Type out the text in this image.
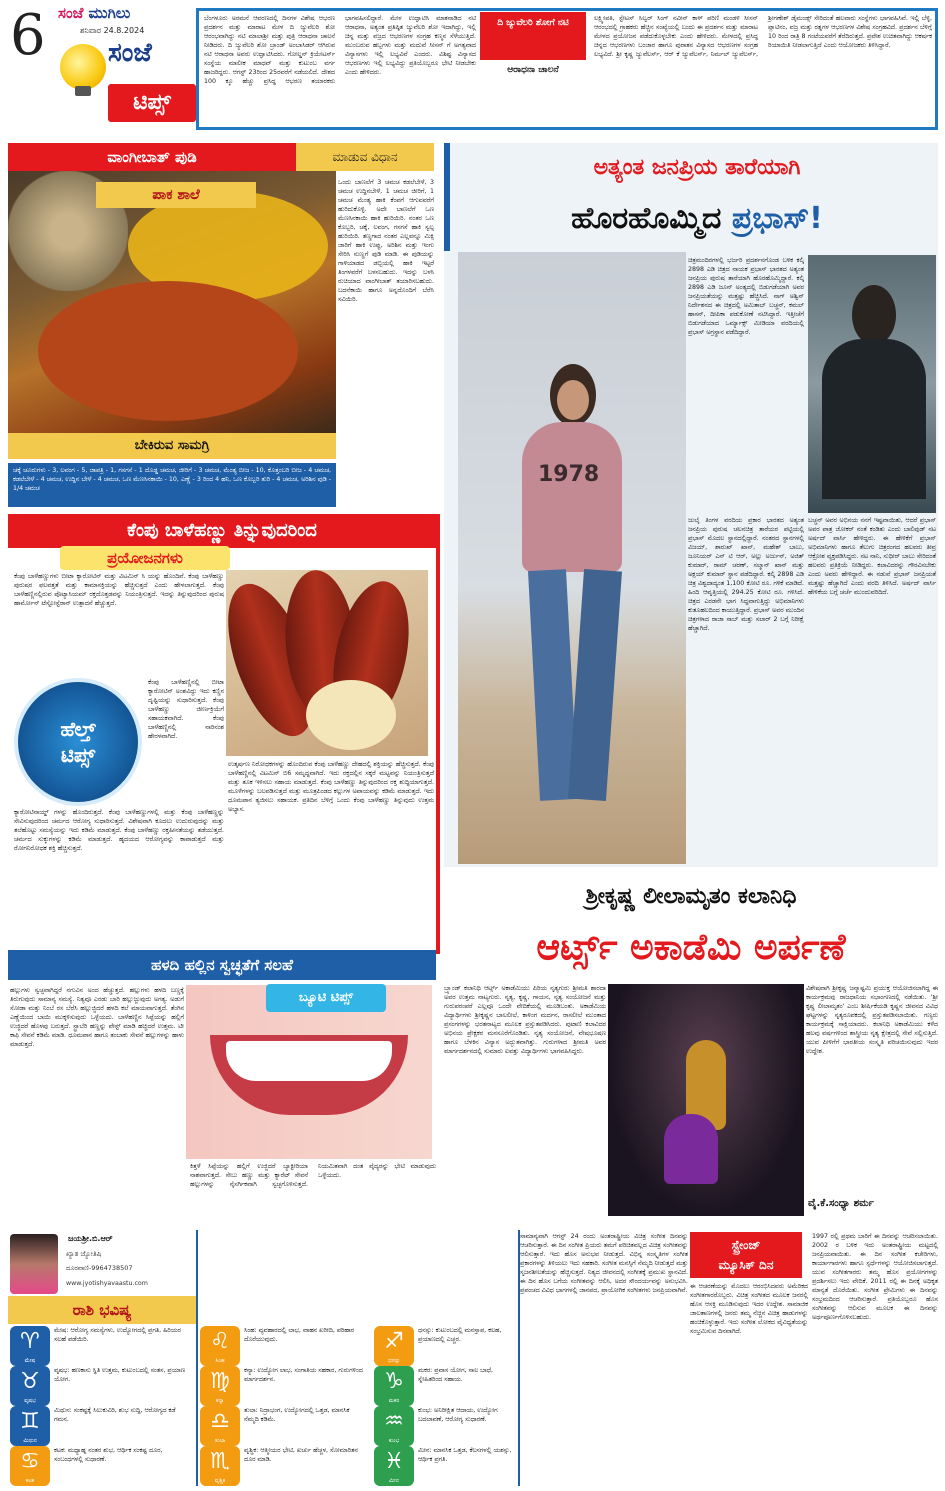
6 ಸಂಜೆ ಮುಗಿಲು
ಶನಿವಾರ 24.8.2024
ಸಂಜೆ
ಟಿಪ್ಸ್
ಬೆಂಗಳೂರು ಅರಮನೆ ಆವರಣದಲ್ಲಿ ದಿನಗಳ ವಿಶೇಷ ಆಭರಣ ಪ್ರದರ್ಶನ ಮತ್ತು ಮಾರಾಟ ಮೇಳ ದಿ ಜ್ಯುವೆಲರಿ ಶೋ ಆರಂಭವಾಗಿದ್ದು ನಟಿ ಮಾಲಾಶ್ರೀ ಮತ್ತು ಪುತ್ರಿ ಆರಾಧನಾ ಚಾಲನೆ ನೀಡಿದರು. ದಿ ಜ್ಯುವೆಲರಿ ಶೋ ಬ್ರಾಂಡ್ ಅಂಬಾಸಿಡರ್ ಆಗಿರುವ ನಟಿ ಆರಾಧನಾ ಅವರು ಉದ್ಘಾಟಿಸಿದರು. ಗೋಲ್ಡನ್ ಕ್ರಿಯೇಟರ್ಸ್ ಸಂಸ್ಥೆಯ ಮಾಲೀಕ ಮಾಧವ್ ಮತ್ತು ಕುಟುಂಬ ವರ್ಗ ಹಾಜರಿದ್ದರು. ಆಗಸ್ಟ್ 23ರಿಂದ 25ರವರೆಗೆ ನಡೆಯಲಿದೆ. ದೇಶದ 100 ಕ್ಕೂ ಹೆಚ್ಚು ಪ್ರಸಿದ್ಧ ಆಭರಣ ತಯಾರಕರು ಭಾಗವಹಿಸಲಿದ್ದಾರೆ. ಮೇಳ ಉದ್ಘಾಟಿಸಿ ಮಾತನಾಡಿದ ನಟಿ ಆರಾಧನಾ, ಅತ್ಯಂತ ಪ್ರತಿಷ್ಠಿತ ಜ್ಯುವೆಲರಿ ಶೋ ಇದಾಗಿದ್ದು, ಇಲ್ಲಿ ಚಿನ್ನ ಮತ್ತು ವಜ್ರದ ಆಭರಣಗಳ ಸಂಗ್ರಹ ಕಣ್ಮನ ಸೆಳೆಯುತ್ತಿದೆ. ಮುಂಬರುವ ಹಬ್ಬಗಳು ಮತ್ತು ಮದುವೆ ಸೀಸನ್ ಗೆ ಅಗತ್ಯವಾದ ವಿನ್ಯಾಸಗಳು ಇಲ್ಲಿ ಲಭ್ಯವಿವೆ ಎಂದರು. ವಿಶಿಷ್ಟ ವಿನ್ಯಾಸದ ಆಭರಣಗಳು ಇಲ್ಲಿ ಲಭ್ಯವಿದ್ದು ಪ್ರತಿಯೊಬ್ಬರೂ ಭೇಟಿ ನೀಡಬೇಕು ಎಂದು ಹೇಳಿದರು.
ದಿ ಜ್ಯುವೆಲರಿ ಶೋಗೆ ನಟಿ
ಆರಾಧನಾ ಚಾಲನೆ
ಲಕ್ಷ್ಮೀಪತಿ, ಸ್ಟೇಟಸ್ ಸಿಲ್ವರ್ ಸಿಂಗ್ ನವೀನ್ ಕಾಳ್ ಪರಿಣಿ ಮಂಡಳಿ ಸೀಸನ್ ಆರಂಭದಲ್ಲಿ ಗ್ರಾಹಕರು ಹೆಚ್ಚಿನ ಸಂಖ್ಯೆಯಲ್ಲಿ ಬಂದು ಈ ಪ್ರದರ್ಶನ ಮತ್ತು ಮಾರಾಟ ಮೇಳದ ಪ್ರಯೋಜನ ಪಡೆದುಕೊಳ್ಳಬೇಕು ಎಂದು ಹೇಳಿದರು. ಮೇಳದಲ್ಲಿ ಪ್ರಸಿದ್ಧ ಚಿನ್ನದ ಆಭರಣಗಳು ಬಂಜಾರ ಹಾಗೂ ಪುರಾತನ ವಿನ್ಯಾಸದ ಆಭರಣಗಳ ಸಂಗ್ರಹ ಲಭ್ಯವಿದೆ. ಶ್ರೀ ಕೃಷ್ಣ ಜ್ಯುವೆಲರ್ಸ್, ಆರ್ ಕೆ ಜ್ಯುವೆಲರ್ಸ್, ನಿರ್ಮಲ್ ಜ್ಯುವೆಲರ್ಸ್, ಶ್ರೀಗಣೇಶ್ ಡೈಮಂಡ್ಸ್ ಸೇರಿದಂತೆ ಹಲವಾರು ಸಂಸ್ಥೆಗಳು ಭಾಗವಹಿಸಿವೆ. ಇಲ್ಲಿ ಬೆಳ್ಳಿ, ಪ್ಲಾಟಿನಂ, ವಜ್ರ ಮತ್ತು ರತ್ನಗಳ ಆಭರಣಗಳ ವಿಶೇಷ ಸಂಗ್ರಹವಿದೆ. ಪ್ರದರ್ಶನ ಬೆಳಿಗ್ಗೆ 10 ರಿಂದ ರಾತ್ರಿ 8 ಗಂಟೆಯವರೆಗೆ ತೆರೆದಿರುತ್ತದೆ. ಪ್ರವೇಶ ಉಚಿತವಾಗಿದ್ದು ಆಕರ್ಷಕ ರಿಯಾಯಿತಿ ನೀಡಲಾಗುತ್ತಿದೆ ಎಂದು ಆಯೋಜಕರು ತಿಳಿಸಿದ್ದಾರೆ.
ವಾಂಗೀಬಾತ್ ಪುಡಿ	ಮಾಡುವ ವಿಧಾನ
ಪಾಕ ಶಾಲೆ
ಒಂದು ಬಾಣಲೆಗೆ 3 ಚಮಚ ಕಡಲೆಬೇಳೆ, 3 ಚಮಚ ಉದ್ದಿನಬೇಳೆ, 1 ಚಮಚ ಜೀರಿಗೆ, 1 ಚಮಚ ಮೆಂತ್ಯ ಹಾಕಿ ಕೆಂಪಗೆ ಆಗುವವರೆಗೆ ಹುರಿದುಕೊಳ್ಳಿ. ಅದೇ ಬಾಣಲೆಗೆ ಒಣ ಮೆಣಸಿನಕಾಯಿ ಹಾಕಿ ಹುರಿಯಿರಿ. ನಂತರ ಒಣ ಕೊಬ್ಬರಿ, ಚಕ್ಕೆ, ಲವಂಗ, ಗಸಗಸೆ ಹಾಕಿ ಸ್ವಲ್ಪ ಹುರಿಯಿರಿ. ತಣ್ಣಗಾದ ನಂತರ ಎಲ್ಲವನ್ನೂ ಮಿಕ್ಸಿ ಜಾರಿಗೆ ಹಾಕಿ ಉಪ್ಪು, ಅರಿಶಿನ ಮತ್ತು ಇಂಗು ಸೇರಿಸಿ ನುಣ್ಣಗೆ ಪುಡಿ ಮಾಡಿ. ಈ ಪುಡಿಯನ್ನು ಗಾಳಿಯಾಡದ ಡಬ್ಬಿಯಲ್ಲಿ ಹಾಕಿ ಇಟ್ಟರೆ ತಿಂಗಳವರೆಗೆ ಬಳಸಬಹುದು. ಇದನ್ನು ಬಳಸಿ ರುಚಿಯಾದ ವಾಂಗೀಬಾತ್ ತಯಾರಿಸಬಹುದು. ಬದನೆಕಾಯಿ ಹಾಗೂ ಅನ್ನದೊಂದಿಗೆ ಬೆರೆಸಿ ಸವಿಯಿರಿ.
ಬೇಕಿರುವ ಸಾಮಗ್ರಿ
ಚಕ್ಕೆ ಚೂರುಗಳು - 3, ಲವಂಗ - 5, ಜಾಪತ್ರಿ - 1, ಗಸಗಸೆ - 1 ದೊಡ್ಡ ಚಮಚ, ಜೀರಿಗೆ - 3 ಚಮಚ, ಮೆಂತ್ಯ ಬೀಜ - 10, ಕೊತ್ತಂಬರಿ ಬೀಜ - 4 ಚಮಚ, ಕಡಲೆಬೇಳೆ - 4 ಚಮಚ, ಉದ್ದಿನ ಬೇಳೆ - 4 ಚಮಚ, ಒಣ ಮೆಣಸಿನಕಾಯಿ - 10, ಎಣ್ಣೆ - 3 ರಿಂದ 4 ಹನಿ, ಒಣ ಕೊಬ್ಬರಿ ತುರಿ - 4 ಚಮಚ, ಅರಿಶಿನ ಪುಡಿ - 1/4 ಚಮಚ
ಕೆಂಪು ಬಾಳೆಹಣ್ಣು ತಿನ್ನುವುದರಿಂದ
ಪ್ರಯೋಜನಗಳು
ಕೆಂಪು ಬಾಳೆಹಣ್ಣುಗಳು ಬೀಟಾ ಕ್ಯಾರೋಟಿನ್ ಮತ್ತು ವಿಟಮಿನ್ ಸಿ ಯನ್ನು ಹೊಂದಿವೆ. ಕೆಂಪು ಬಾಳೆಹಣ್ಣು ಪುರುಷರ ಫಲವತ್ತತೆ ಮತ್ತು ಕಾಮಾಸಕ್ತಿಯನ್ನು ಹೆಚ್ಚಿಸುತ್ತದೆ ಎಂದು ಹೇಳಲಾಗುತ್ತದೆ. ಕೆಂಪು ಬಾಳೆಹಣ್ಣಿನಲ್ಲಿರುವ ಪೊಟ್ಯಾಸಿಯಮ್ ರಕ್ತದೊತ್ತಡವನ್ನು ನಿಯಂತ್ರಿಸುತ್ತದೆ. ಇದನ್ನು ತಿನ್ನುವುದರಿಂದ ಪುರುಷ ಹಾರ್ಮೋನ್ ಟೆಸ್ಟೋಸ್ಟೆರಾನ್ ಉತ್ಪಾದನೆ ಹೆಚ್ಚುತ್ತದೆ.
ಹೆಲ್ತ್
ಟಿಪ್ಸ್
ಕೆಂಪು ಬಾಳೆಹಣ್ಣಿನಲ್ಲಿ ಬೀಟಾ ಕ್ಯಾರೋಟಿನ್ ಅಂಶವಿದ್ದು ಇದು ಕಣ್ಣಿನ ದೃಷ್ಟಿಯನ್ನು ಸುಧಾರಿಸುತ್ತದೆ. ಕೆಂಪು ಬಾಳೆಹಣ್ಣು ಜೀರ್ಣಕ್ರಿಯೆಗೆ ಸಹಾಯಕವಾಗಿದೆ. ಕೆಂಪು ಬಾಳೆಹಣ್ಣಿನಲ್ಲಿ ನಾರಿನಂಶ ಹೇರಳವಾಗಿದೆ.
ಕ್ಯಾರೋಟಿನಾಯ್ಡ್ ಗಳನ್ನು ಹೊಂದಿರುತ್ತದೆ. ಕೆಂಪು ಬಾಳೆಹಣ್ಣುಗಳಲ್ಲಿ ಮತ್ತು ಕೆಂಪು ಬಾಳೆಹಣ್ಣನ್ನು ಸೇವಿಸುವುದರಿಂದ ಚರ್ಮದ ಆರೋಗ್ಯ ಸುಧಾರಿಸುತ್ತದೆ. ವಿಶೇಷವಾಗಿ ಕೂದಲು ಉದುರುವುದನ್ನು ಮತ್ತು ತಲೆಹೊಟ್ಟು ಸಮಸ್ಯೆಯನ್ನು ಇದು ಕಡಿಮೆ ಮಾಡುತ್ತದೆ. ಕೆಂಪು ಬಾಳೆಹಣ್ಣು ರಕ್ತಹೀನತೆಯನ್ನು ತಡೆಯುತ್ತದೆ. ಚರ್ಮದ ಸುಕ್ಕುಗಳನ್ನು ಕಡಿಮೆ ಮಾಡುತ್ತದೆ. ಹೃದಯದ ಆರೋಗ್ಯವನ್ನು ಕಾಪಾಡುತ್ತದೆ ಮತ್ತು ರೋಗನಿರೋಧಕ ಶಕ್ತಿ ಹೆಚ್ಚಿಸುತ್ತದೆ.
ಉತ್ಕರ್ಷಣ ನಿರೋಧಕಗಳನ್ನು ಹೊಂದಿರುವ ಕೆಂಪು ಬಾಳೆಹಣ್ಣು ದೇಹದಲ್ಲಿ ಶಕ್ತಿಯನ್ನು ಹೆಚ್ಚಿಸುತ್ತದೆ. ಕೆಂಪು ಬಾಳೆಹಣ್ಣಿನಲ್ಲಿ ವಿಟಮಿನ್ ಬಿ6 ಸಮೃದ್ಧವಾಗಿದೆ. ಇದು ರಕ್ತದಲ್ಲಿನ ಸಕ್ಕರೆ ಮಟ್ಟವನ್ನು ನಿಯಂತ್ರಿಸುತ್ತದೆ ಮತ್ತು ತೂಕ ಇಳಿಸಲು ಸಹಾಯ ಮಾಡುತ್ತದೆ. ಕೆಂಪು ಬಾಳೆಹಣ್ಣು ತಿನ್ನುವುದರಿಂದ ರಕ್ತ ಶುದ್ಧಿಯಾಗುತ್ತದೆ. ಮೂಳೆಗಳನ್ನು ಬಲಪಡಿಸುತ್ತದೆ ಮತ್ತು ಮೂತ್ರಪಿಂಡದ ಕಲ್ಲುಗಳ ಅಪಾಯವನ್ನು ಕಡಿಮೆ ಮಾಡುತ್ತದೆ. ಇದು ಧೂಮಪಾನ ತ್ಯಜಿಸಲು ಸಹಾಯಕ. ಪ್ರತಿದಿನ ಬೆಳಿಗ್ಗೆ ಒಂದು ಕೆಂಪು ಬಾಳೆಹಣ್ಣು ತಿನ್ನುವುದು ಉತ್ತಮ ಅಭ್ಯಾಸ.
ಹಳದಿ ಹಲ್ಲಿನ ಸ್ವಚ್ಛತೆಗೆ ಸಲಹೆ
ಹಲ್ಲುಗಳು ಸ್ವಚ್ಛವಾಗಿದ್ದರೆ ನಗುವಿನ ಅಂದ ಹೆಚ್ಚುತ್ತದೆ. ಹಲ್ಲುಗಳು ಹಳದಿ ಬಣ್ಣಕ್ಕೆ ತಿರುಗುವುದು ಸಾಮಾನ್ಯ ಸಮಸ್ಯೆ. ನಿತ್ಯವೂ ಎರಡು ಬಾರಿ ಹಲ್ಲುಜ್ಜುವುದು ಅಗತ್ಯ. ಅಡುಗೆ ಸೋಡಾ ಮತ್ತು ನಿಂಬೆ ರಸ ಬೆರೆಸಿ ಹಲ್ಲುಜ್ಜಿದರೆ ಹಳದಿ ಕಲೆ ಮಾಯವಾಗುತ್ತದೆ. ತೆಂಗಿನ ಎಣ್ಣೆಯಿಂದ ಬಾಯಿ ಮುಕ್ಕಳಿಸುವುದು ಒಳ್ಳೆಯದು. ಬಾಳೆಹಣ್ಣಿನ ಸಿಪ್ಪೆಯನ್ನು ಹಲ್ಲಿಗೆ ಉಜ್ಜಿದರೆ ಹೊಳಪು ಬರುತ್ತದೆ. ಸ್ಟ್ರಾಬೆರಿ ಹಣ್ಣನ್ನು ಪೇಸ್ಟ್ ಮಾಡಿ ಹಚ್ಚಿದರೆ ಉತ್ತಮ. ಟೀ ಕಾಫಿ ಸೇವನೆ ಕಡಿಮೆ ಮಾಡಿ. ಧೂಮಪಾನ ಹಾಗೂ ತಂಬಾಕು ಸೇವನೆ ಹಲ್ಲುಗಳನ್ನು ಹಾಳು ಮಾಡುತ್ತದೆ.
ಬ್ಯೂಟಿ ಟಿಪ್ಸ್
ಕಿತ್ತಳೆ ಸಿಪ್ಪೆಯನ್ನು ಹಲ್ಲಿಗೆ ಉಜ್ಜಿದರೆ ಬ್ಯಾಕ್ಟೀರಿಯಾ ನಾಶವಾಗುತ್ತದೆ. ಸೇಬು ಹಣ್ಣು ಮತ್ತು ಕ್ಯಾರೆಟ್ ಸೇವನೆ ಹಲ್ಲುಗಳನ್ನು ನೈಸರ್ಗಿಕವಾಗಿ ಸ್ವಚ್ಛಗೊಳಿಸುತ್ತದೆ. ನಿಯಮಿತವಾಗಿ ದಂತ ವೈದ್ಯರನ್ನು ಭೇಟಿ ಮಾಡುವುದು ಒಳ್ಳೆಯದು.
ಅತ್ಯಂತ ಜನಪ್ರಿಯ ತಾರೆಯಾಗಿ
ಹೊರಹೊಮ್ಮಿದ ಪ್ರಭಾಸ್!
1978
ಚಿತ್ರಮಂದಿರಗಳಲ್ಲಿ ಭರ್ಜರಿ ಪ್ರದರ್ಶನಗೊಂಡ ಬಳಿಕ ಕಲ್ಕಿ 2898 ಎಡಿ ಚಿತ್ರದ ನಾಯಕ ಪ್ರಭಾಸ್ ಭಾರತದ ಅತ್ಯಂತ ಜನಪ್ರಿಯ ಪುರುಷ ತಾರೆಯಾಗಿ ಹೊರಹೊಮ್ಮಿದ್ದಾರೆ. ಕಲ್ಕಿ 2898 ಎಡಿ ಜೂನ್ ಅಂತ್ಯದಲ್ಲಿ ಬಿಡುಗಡೆಯಾಗಿ ಅವರ ಜನಪ್ರಿಯತೆಯನ್ನು ಮತ್ತಷ್ಟು ಹೆಚ್ಚಿಸಿದೆ. ನಾಗ್ ಅಶ್ವಿನ್ ನಿರ್ದೇಶನದ ಈ ಚಿತ್ರದಲ್ಲಿ ಅಮಿತಾಬ್ ಬಚ್ಚನ್, ಕಮಲ್ ಹಾಸನ್, ದೀಪಿಕಾ ಪಡುಕೋಣೆ ನಟಿಸಿದ್ದಾರೆ. ಇತ್ತೀಚೆಗೆ ಬಿಡುಗಡೆಯಾದ ಒರ್ಮ್ಯಾಕ್ಸ್ ಮೀಡಿಯಾ ವರದಿಯಲ್ಲಿ ಪ್ರಭಾಸ್ ಅಗ್ರಸ್ಥಾನ ಪಡೆದಿದ್ದಾರೆ.
ಜುಲೈ ತಿಂಗಳ ವರದಿಯ ಪ್ರಕಾರ ಭಾರತದ ಅತ್ಯಂತ ಜನಪ್ರಿಯ ಪುರುಷ ಚಲನಚಿತ್ರ ತಾರೆಯರ ಪಟ್ಟಿಯಲ್ಲಿ ಪ್ರಭಾಸ್ ಮೊದಲ ಸ್ಥಾನದಲ್ಲಿದ್ದಾರೆ. ನಂತರದ ಸ್ಥಾನಗಳಲ್ಲಿ ವಿಜಯ್, ಶಾರುಖ್ ಖಾನ್, ಮಹೇಶ್ ಬಾಬು, ಜೂನಿಯರ್ ಎನ್ ಟಿ ಆರ್, ಅಲ್ಲು ಅರ್ಜುನ್, ಅಜಿತ್ ಕುಮಾರ್, ರಾಮ್ ಚರಣ್, ಸಲ್ಮಾನ್ ಖಾನ್ ಮತ್ತು ಅಕ್ಷಯ್ ಕುಮಾರ್ ಸ್ಥಾನ ಪಡೆದಿದ್ದಾರೆ. ಕಲ್ಕಿ 2898 ಎಡಿ ಚಿತ್ರ ವಿಶ್ವದಾದ್ಯಂತ 1,100 ಕೋಟಿ ರೂ. ಗಳಿಕೆ ಮಾಡಿದೆ. ಹಿಂದಿ ಆವೃತ್ತಿಯಲ್ಲಿ 294.25 ಕೋಟಿ ರೂ. ಗಳಿಸಿದೆ. ಚಿತ್ರದ ಎರಡನೇ ಭಾಗ ಸಿದ್ಧವಾಗುತ್ತಿದ್ದು ಅಭಿಮಾನಿಗಳು ಕುತೂಹಲದಿಂದ ಕಾಯುತ್ತಿದ್ದಾರೆ. ಪ್ರಭಾಸ್ ಅವರ ಮುಂದಿನ ಚಿತ್ರಗಳಾದ ರಾಜಾ ಸಾಬ್ ಮತ್ತು ಸಲಾರ್ 2 ಬಗ್ಗೆ ನಿರೀಕ್ಷೆ ಹೆಚ್ಚಾಗಿದೆ.
ಬಚ್ಚನ್ ಅವರ ಅಭಿನಯ ನನಗೆ ಇಷ್ಟವಾಯಿತು, ಆದರೆ ಪ್ರಭಾಸ್ ಅವರ ಪಾತ್ರ ಜೋಕರ್ ನಂತೆ ಕಂಡಿತು ಎಂದು ಬಾಲಿವುಡ್ ನಟ ಅರ್ಷದ್ ವಾರ್ಸಿ ಹೇಳಿದ್ದರು. ಈ ಹೇಳಿಕೆಗೆ ಪ್ರಭಾಸ್ ಅಭಿಮಾನಿಗಳು ಹಾಗೂ ತೆಲುಗು ಚಿತ್ರರಂಗದ ಹಲವರು ತೀವ್ರ ಆಕ್ರೋಶ ವ್ಯಕ್ತಪಡಿಸಿದ್ದರು. ನಟ ನಾನಿ, ಸುಧೀರ್ ಬಾಬು ಸೇರಿದಂತೆ ಹಲವರು ಪ್ರತಿಕ್ರಿಯೆ ನೀಡಿದ್ದರು. ಕಲಾವಿದರನ್ನು ಗೌರವಿಸಬೇಕು ಎಂದು ಅವರು ಹೇಳಿದ್ದಾರೆ. ಈ ನಡುವೆ ಪ್ರಭಾಸ್ ಜನಪ್ರಿಯತೆ ಮತ್ತಷ್ಟು ಹೆಚ್ಚಾಗಿದೆ ಎಂದು ವರದಿ ತಿಳಿಸಿದೆ. ಅರ್ಷದ್ ವಾರ್ಸಿ ಹೇಳಿಕೆಯ ಬಗ್ಗೆ ಚರ್ಚೆ ಮುಂದುವರಿದಿದೆ.
ಶ್ರೀಕೃಷ್ಣ ಲೀಲಾಮೃತಂ ಕಲಾನಿಧಿ
ಆರ್ಟ್ಸ್ ಅಕಾಡೆಮಿ ಅರ್ಪಣೆ
ಬ್ರ್ಯಾಂಡ್ ಕಲಾನಿಧಿ ಆರ್ಟ್ಸ್ ಅಕಾಡೆಮಿಯು ಪಿರಿಯ ನೃತ್ಯಗುರು ಶ್ರೀಮತಿ ಶಾರದಾ ಅವರ ಉತ್ತಮ ನಾಟ್ಯಗುರು. ನೃತ್ಯ, ಕೃಷ್ಣ, ಗಾಯನ, ನೃತ್ಯ ಸಂಯೋಜನೆ ಮತ್ತು ಗುರುಪರಂಪರೆ ಎಲ್ಲವೂ ಒಂದೇ ವೇದಿಕೆಯಲ್ಲಿ ಮೂಡಿಬಂತು. ಅಕಾಡೆಮಿಯ ವಿದ್ಯಾರ್ಥಿಗಳು ಶ್ರೀಕೃಷ್ಣನ ಬಾಲಲೀಲೆ, ಕಾಳಿಂಗ ಮರ್ದನ, ರಾಸಲೀಲೆ ಮುಂತಾದ ಪ್ರಸಂಗಗಳನ್ನು ಭರತನಾಟ್ಯದ ಮೂಲಕ ಪ್ರಸ್ತುತಪಡಿಸಿದರು. ಪುಟಾಣಿ ಕಲಾವಿದರ ಅಭಿನಯ ಪ್ರೇಕ್ಷಕರ ಮನಸೂರೆಗೊಂಡಿತು. ನೃತ್ಯ ಸಂಯೋಜನೆ, ವೇಷಭೂಷಣ ಹಾಗೂ ಬೆಳಕಿನ ವಿನ್ಯಾಸ ಅದ್ಭುತವಾಗಿತ್ತು. ಗುರುಗಳಾದ ಶ್ರೀಮತಿ ಅವರ ಮಾರ್ಗದರ್ಶನದಲ್ಲಿ ಸುಮಾರು ಐವತ್ತು ವಿದ್ಯಾರ್ಥಿಗಳು ಭಾಗವಹಿಸಿದ್ದರು.
ವಿಶೇಷವಾಗಿ ಶ್ರೀಕೃಷ್ಣ ಜನ್ಮಾಷ್ಟಮಿ ಪ್ರಯುಕ್ತ ಆಯೋಜಿಸಲಾಗಿದ್ದ ಈ ಕಾರ್ಯಕ್ರಮವು ರಾಜಧಾನಿಯ ಸಭಾಂಗಣದಲ್ಲಿ ನಡೆಯಿತು. 'ಶ್ರೀ ಕೃಷ್ಣ ಲೀಲಾಮೃತಂ' ಎಂಬ ಶೀರ್ಷಿಕೆಯಡಿ ಕೃಷ್ಣನ ಜೀವನದ ವಿವಿಧ ಘಟ್ಟಗಳನ್ನು ನೃತ್ಯರೂಪಕದಲ್ಲಿ ಪ್ರಸ್ತುತಪಡಿಸಲಾಯಿತು. ಗಣ್ಯರು ಕಾರ್ಯಕ್ರಮಕ್ಕೆ ಸಾಕ್ಷಿಯಾದರು. ಕಲಾನಿಧಿ ಅಕಾಡೆಮಿಯು ಕಳೆದ ಹಲವು ವರ್ಷಗಳಿಂದ ಶಾಸ್ತ್ರೀಯ ನೃತ್ಯ ಕ್ಷೇತ್ರದಲ್ಲಿ ಸೇವೆ ಸಲ್ಲಿಸುತ್ತಿದೆ. ಯುವ ಪೀಳಿಗೆಗೆ ಭಾರತೀಯ ಸಂಸ್ಕೃತಿ ಪರಿಚಯಿಸುವುದು ಇದರ ಉದ್ದೇಶ.
ವೈ.ಕೆ.ಸಂಧ್ಯಾ ಶರ್ಮ
ಜಯಶ್ರೀ.ಬಿ.ಆರ್
ಖ್ಯಾತ ಜ್ಯೋತಿಷಿ
ದೂರವಾಣಿ-9964738507
www.jyotishyavaastu.com
ರಾಶಿ ಭವಿಷ್ಯ
ಸಾಮಾನ್ಯವಾಗಿ ಆಗಸ್ಟ್ 24 ರಂದು ಅಂತರಾಷ್ಟ್ರೀಯ ವಿಚಿತ್ರ ಸಂಗೀತ ದಿನವನ್ನು ಆಚರಿಸುತ್ತಾರೆ. ಈ ದಿನ ಸಂಗೀತ ಪ್ರಿಯರು ತಮಗೆ ಪರಿಚಿತವಲ್ಲದ ವಿಚಿತ್ರ ಸಂಗೀತವನ್ನು ಆಲಿಸುತ್ತಾರೆ. ಇದು ಹೊಸ ಅನುಭವ ನೀಡುತ್ತದೆ. ವಿಭಿನ್ನ ಸಂಸ್ಕೃತಿಗಳ ಸಂಗೀತ ಪ್ರಕಾರಗಳನ್ನು ತಿಳಿಯಲು ಇದು ಸಹಕಾರಿ. ಸಂಗೀತ ಮನಸ್ಸಿಗೆ ನೆಮ್ಮದಿ ನೀಡುತ್ತದೆ ಮತ್ತು ಸೃಜನಶೀಲತೆಯನ್ನು ಹೆಚ್ಚಿಸುತ್ತದೆ. ನಿತ್ಯದ ಜೀವನದಲ್ಲಿ ಸಂಗೀತಕ್ಕೆ ಪ್ರಮುಖ ಸ್ಥಾನವಿದೆ. ಈ ದಿನ ಹೊಸ ಬಗೆಯ ಸಂಗೀತವನ್ನು ಆಲಿಸಿ, ಅದರ ಸೌಂದರ್ಯವನ್ನು ಅನುಭವಿಸಿ. ಪ್ರಪಂಚದ ವಿವಿಧ ಭಾಗಗಳಲ್ಲಿ ಜಾನಪದ, ಪ್ರಾಯೋಗಿಕ ಸಂಗೀತಗಳು ಜನಪ್ರಿಯವಾಗಿವೆ.
ಸ್ಟ್ರೇಂಜ್
ಮ್ಯೂಸಿಕ್ ದಿನ
ಈ ಆಚರಣೆಯನ್ನು ಮೊದಲು ಆರಂಭಿಸಿದವರು ಅಮೆರಿಕದ ಸಂಗೀತಗಾರರೊಬ್ಬರು. ವಿಚಿತ್ರ ಸಂಗೀತದ ಮೂಲಕ ಜನರಲ್ಲಿ ಹೊಸ ಆಸಕ್ತಿ ಮೂಡಿಸುವುದು ಇದರ ಉದ್ದೇಶ. ಸಾಮಾಜಿಕ ಜಾಲತಾಣಗಳಲ್ಲಿ ಜನರು ತಮ್ಮ ನೆಚ್ಚಿನ ವಿಚಿತ್ರ ಹಾಡುಗಳನ್ನು ಹಂಚಿಕೊಳ್ಳುತ್ತಾರೆ. ಇದು ಸಂಗೀತ ಲೋಕದ ವೈವಿಧ್ಯತೆಯನ್ನು ಸಂಭ್ರಮಿಸುವ ದಿನವಾಗಿದೆ.
1997 ರಲ್ಲಿ ಪ್ರಥಮ ಬಾರಿಗೆ ಈ ದಿನವನ್ನು ಆಚರಿಸಲಾಯಿತು. 2002 ರ ಬಳಿಕ ಇದು ಅಂತರಾಷ್ಟ್ರೀಯ ಮಟ್ಟದಲ್ಲಿ ಜನಪ್ರಿಯವಾಯಿತು. ಈ ದಿನ ಸಂಗೀತ ಕಚೇರಿಗಳು, ಕಾರ್ಯಾಗಾರಗಳು ಹಾಗೂ ಸ್ಪರ್ಧೆಗಳನ್ನು ಆಯೋಜಿಸಲಾಗುತ್ತದೆ. ಯುವ ಸಂಗೀತಗಾರರು ತಮ್ಮ ಹೊಸ ಪ್ರಯೋಗಗಳನ್ನು ಪ್ರದರ್ಶಿಸಲು ಇದು ವೇದಿಕೆ. 2011 ರಲ್ಲಿ ಈ ದಿನಕ್ಕೆ ಅಧಿಕೃತ ಮಾನ್ಯತೆ ದೊರೆಯಿತು. ಸಂಗೀತ ಪ್ರೇಮಿಗಳು ಈ ದಿನವನ್ನು ಸಂಭ್ರಮದಿಂದ ಆಚರಿಸುತ್ತಾರೆ. ಪ್ರತಿಯೊಬ್ಬರೂ ಹೊಸ ಸಂಗೀತವನ್ನು ಆಲಿಸುವ ಮೂಲಕ ಈ ದಿನವನ್ನು ಅರ್ಥಪೂರ್ಣಗೊಳಿಸಬಹುದು.
♈
ಮೇಷ
ಮೇಷ: ಆರೋಗ್ಯ ಸಮಸ್ಯೆಗಳು, ಉದ್ಯೋಗದಲ್ಲಿ ಪ್ರಗತಿ, ಹಿರಿಯರ ಸಲಹೆ ಪಡೆಯಿರಿ.
♉
ವೃಷಭ
ವೃಷಭ: ಹಣಕಾಸು ಸ್ಥಿತಿ ಉತ್ತಮ, ಕುಟುಂಬದಲ್ಲಿ ಸಂತಸ, ಪ್ರಯಾಣ ಯೋಗ.
♊
ಮಿಥುನ
ಮಿಥುನ: ಸಂಕಷ್ಟಕ್ಕೆ ಸಿಲುಕುವಿರಿ, ಶುಭ ಸುದ್ದಿ, ಆರೋಗ್ಯದ ಕಡೆ ಗಮನ.
♋
ಕಟಕ
ಕಟಕ: ಮಧ್ಯಾಹ್ನ ನಂತರ ಶುಭ, ಆರ್ಥಿಕ ಸಂಕಷ್ಟ ದೂರ, ಸಂಬಂಧಗಳಲ್ಲಿ ಸುಧಾರಣೆ.
♌
ಸಿಂಹ
ಸಿಂಹ: ವ್ಯವಹಾರದಲ್ಲಿ ಲಾಭ, ವಾಹನ ಖರೀದಿ, ಪರಿಹಾರ ದೊರೆಯುವುದು.
♍
ಕನ್ಯಾ
ಕನ್ಯಾ: ಉದ್ಯೋಗ ಲಾಭ, ಸಂಗಾತಿಯ ಸಹಕಾರ, ಗುರುಗಳಿಂದ ಮಾರ್ಗದರ್ಶನ.
♎
ತುಲಾ
ತುಲಾ: ನಿದ್ರಾಭಂಗ, ಉದ್ಯೋಗದಲ್ಲಿ ಒತ್ತಡ, ಮಾನಸಿಕ ನೆಮ್ಮದಿ ಕಡಿಮೆ.
♏
ವೃಶ್ಚಿಕ
ವೃಶ್ಚಿಕ: ಆತ್ಮೀಯರ ಭೇಟಿ, ಖರ್ಚು ಹೆಚ್ಚಳ, ಸೋಮಾರಿತನ ದೂರ ಮಾಡಿ.
♐
ಧನಸ್ಸು
ಧನಸ್ಸು: ಕುಟುಂಬದಲ್ಲಿ ಮನಸ್ತಾಪ, ಕಲಹ, ಪ್ರಯಾಣದಲ್ಲಿ ಎಚ್ಚರ.
♑
ಮಕರ
ಮಕರ: ಪ್ರವಾಸ ಯೋಗ, ಸಾಲ ಬಾಧೆ, ಸ್ನೇಹಿತರಿಂದ ಸಹಾಯ.
♒
ಕುಂಭ
ಕುಂಭ: ಅನಿರೀಕ್ಷಿತ ಆದಾಯ, ಉದ್ಯೋಗ ಬದಲಾವಣೆ, ಆರೋಗ್ಯ ಸುಧಾರಣೆ.
♓
ಮೀನ
ಮೀನ: ಮಾನಸಿಕ ಒತ್ತಡ, ಕೆಲಸಗಳಲ್ಲಿ ಯಶಸ್ಸು, ಆರ್ಥಿಕ ಪ್ರಗತಿ.
